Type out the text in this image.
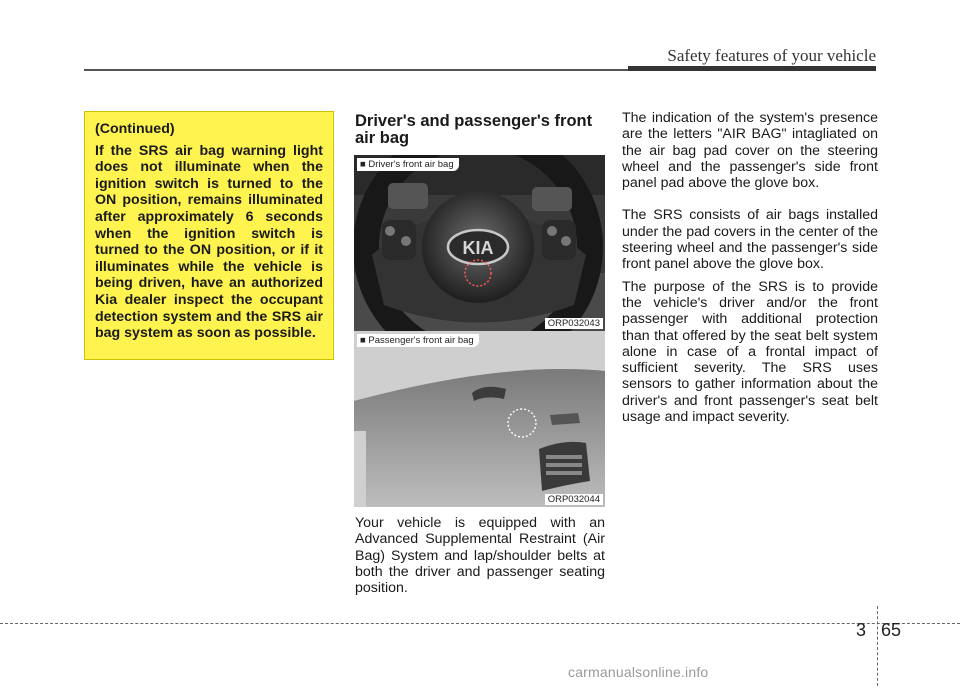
Safety features of your vehicle

(Continued)

If the SRS air bag warning light does not illuminate when the ignition switch is turned to the ON position, remains illuminated after approximately 6 seconds when the ignition switch is turned to the ON position, or if it illuminates while the vehicle is being driven, have an authorized Kia dealer inspect the occupant detection system and the SRS air bag system as soon as possible.

Driver's and passenger's front air bag
KIA
■ Driver's front air bag
ORP032043
■ Passenger's front air bag
ORP032044

Your vehicle is equipped with an Advanced Supplemental Restraint (Air Bag) System and lap/shoulder belts at both the driver and passenger seating position.

The indication of the system's presence are the letters "AIR BAG" intagliated on the air bag pad cover on the steering wheel and the passenger's side front panel pad above the glove box.

The SRS consists of air bags installed under the pad covers in the center of the steering wheel and the passenger's side front panel above the glove box.

The purpose of the SRS is to provide the vehicle's driver and/or the front passenger with additional protection than that offered by the seat belt system alone in case of a frontal impact of sufficient severity. The SRS uses sensors to gather information about the driver's and front passenger's seat belt usage and impact severity.

3 65
carmanualsonline.info
